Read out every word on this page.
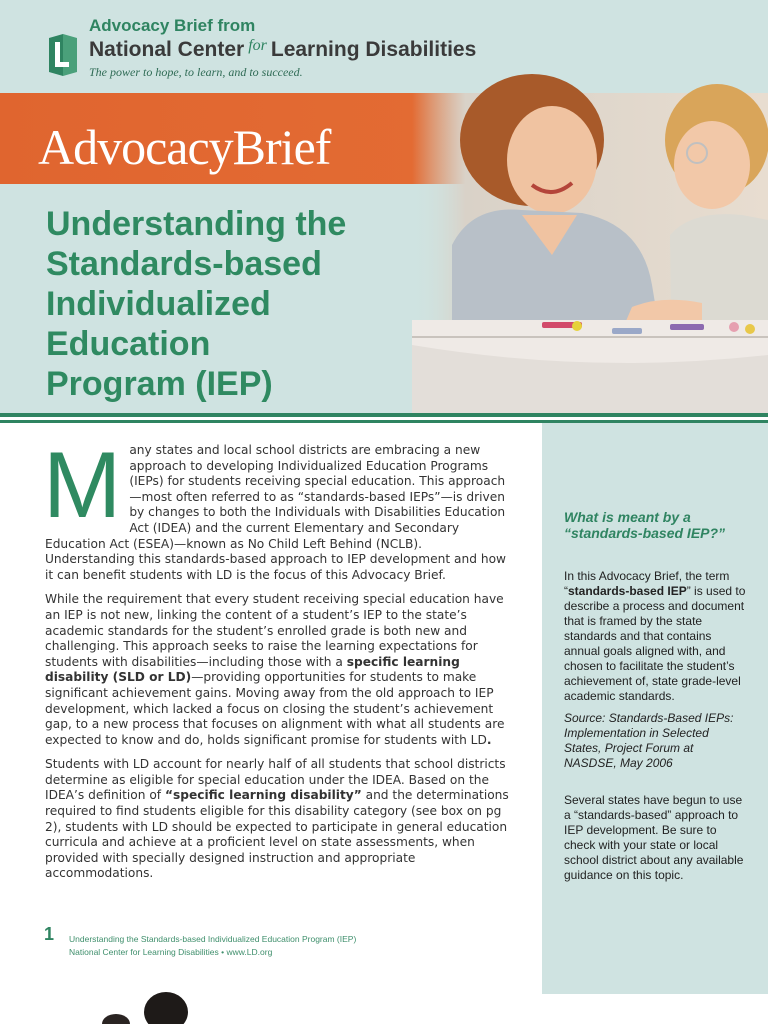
Advocacy Brief from
National Center $^{for}$ Learning Disabilities
The power to hope, to learn, and to succeed.
AdvocacyBrief
Understanding the
Standards-based
Individualized Education
Program (IEP)

Many states and local school districts are embracing a new approach to developing Individualized Education Programs (IEPs) for students receiving special education. This approach—most often referred to as “standards-based IEPs”—is driven by changes to both the Individuals with Disabilities Education Act (IDEA) and the current Elementary and Secondary Education Act (ESEA)—known as No Child Left Behind (NCLB). Understanding this standards-based approach to IEP development and how it can benefit students with LD is the focus of this Advocacy Brief.

While the requirement that every student receiving special education have an IEP is not new, linking the content of a student’s IEP to the state’s academic standards for the student’s enrolled grade is both new and challenging. This approach seeks to raise the learning expectations for students with disabilities—including those with a specific learning disability (SLD or LD)—providing opportunities for students to make significant achievement gains. Moving away from the old approach to IEP development, which lacked a focus on closing the student’s achievement gap, to a new process that focuses on alignment with what all students are expected to know and do, holds significant promise for students with LD.

Students with LD account for nearly half of all students that school districts determine as eligible for special education under the IDEA. Based on the IDEA’s definition of “specific learning disability” and the determinations required to find students eligible for this disability category (see box on pg 2), students with LD should be expected to participate in general education curricula and achieve at a proficient level on state assessments, when provided with specially designed instruction and appropriate accommodations.

What is meant by a “standards-based IEP?”

In this Advocacy Brief, the term “standards-based IEP” is used to describe a process and document that is framed by the state standards and that contains annual goals aligned with, and chosen to facilitate the student’s achievement of, state grade-level academic standards.

Source: Standards-Based IEPs: Implementation in Selected States, Project Forum at NASDSE, May 2006

Several states have begun to use a “standards-based” approach to IEP development. Be sure to check with your state or local school district about any available guidance on this topic.

1 Understanding the Standards-based Individualized Education Program (IEP)
National Center for Learning Disabilities • www.LD.org
